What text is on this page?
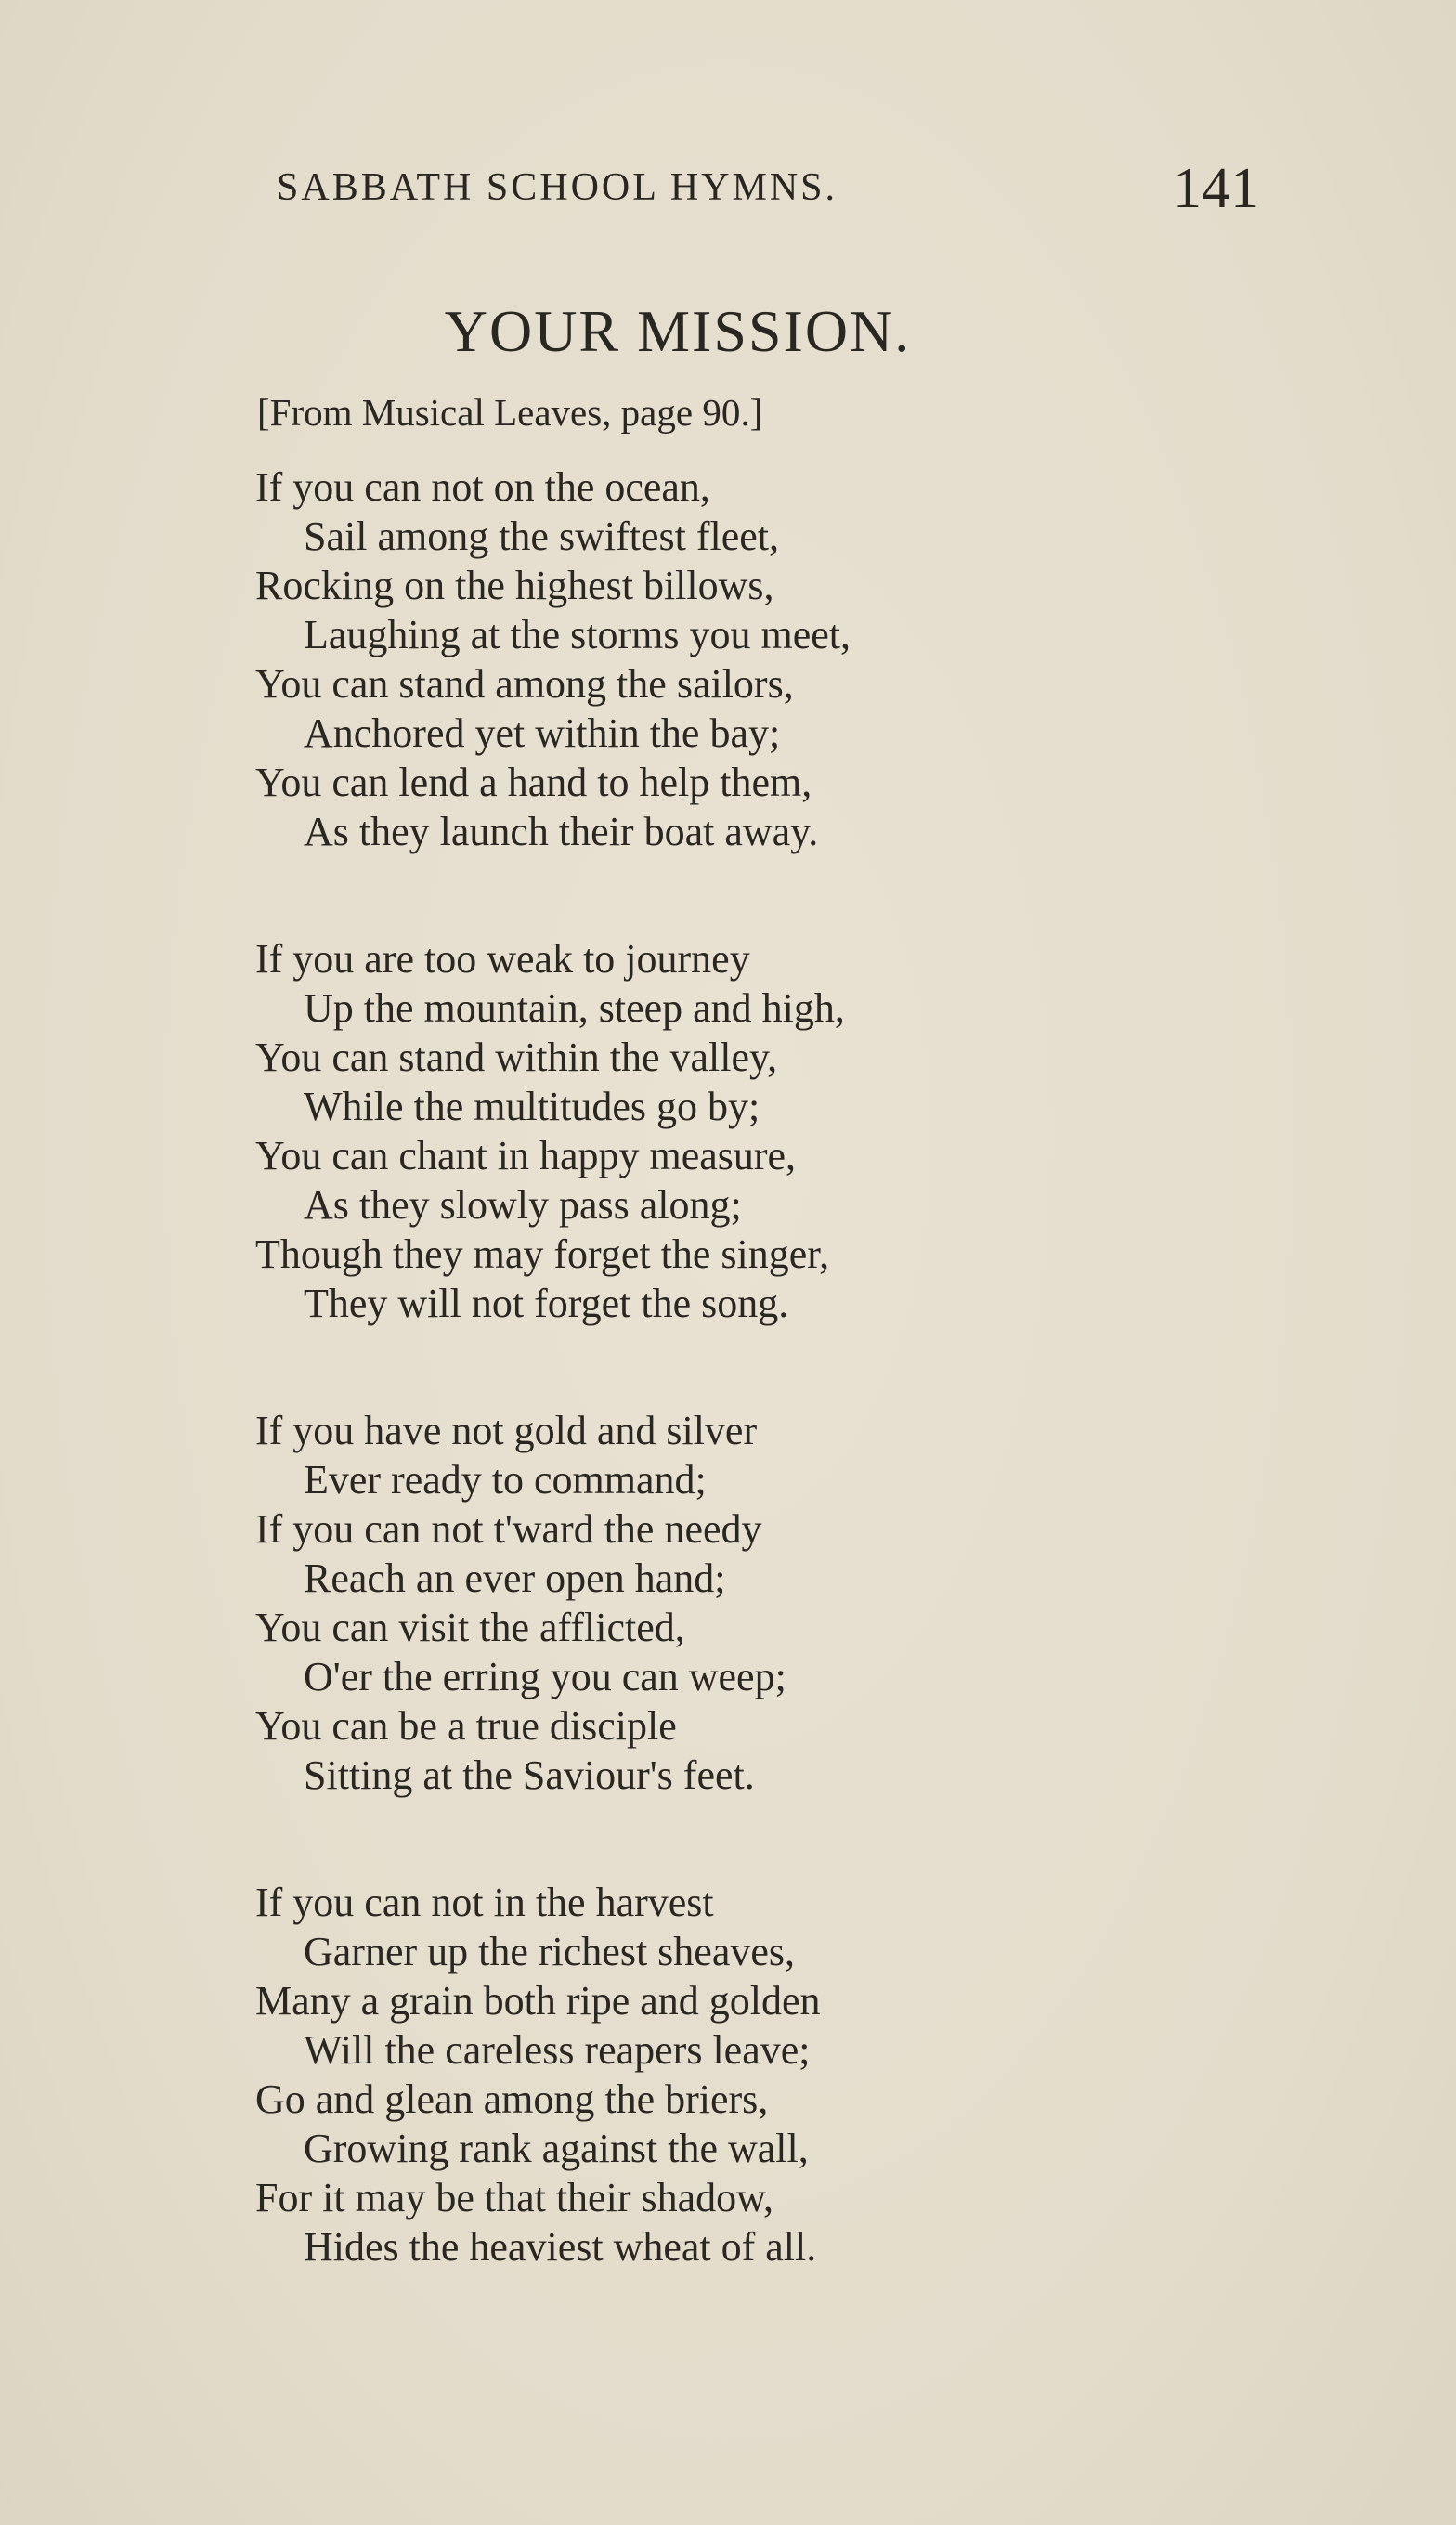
SABBATH SCHOOL HYMNS.	141
YOUR MISSION.
[From Musical Leaves, page 90.]
If you can not on the ocean,
Sail among the swiftest fleet,
Rocking on the highest billows,
Laughing at the storms you meet,
You can stand among the sailors,
Anchored yet within the bay;
You can lend a hand to help them,
As they launch their boat away.
If you are too weak to journey
Up the mountain, steep and high,
You can stand within the valley,
While the multitudes go by;
You can chant in happy measure,
As they slowly pass along;
Though they may forget the singer,
They will not forget the song.
If you have not gold and silver
Ever ready to command;
If you can not t'ward the needy
Reach an ever open hand;
You can visit the afflicted,
O'er the erring you can weep;
You can be a true disciple
Sitting at the Saviour's feet.
If you can not in the harvest
Garner up the richest sheaves,
Many a grain both ripe and golden
Will the careless reapers leave;
Go and glean among the briers,
Growing rank against the wall,
For it may be that their shadow,
Hides the heaviest wheat of all.
